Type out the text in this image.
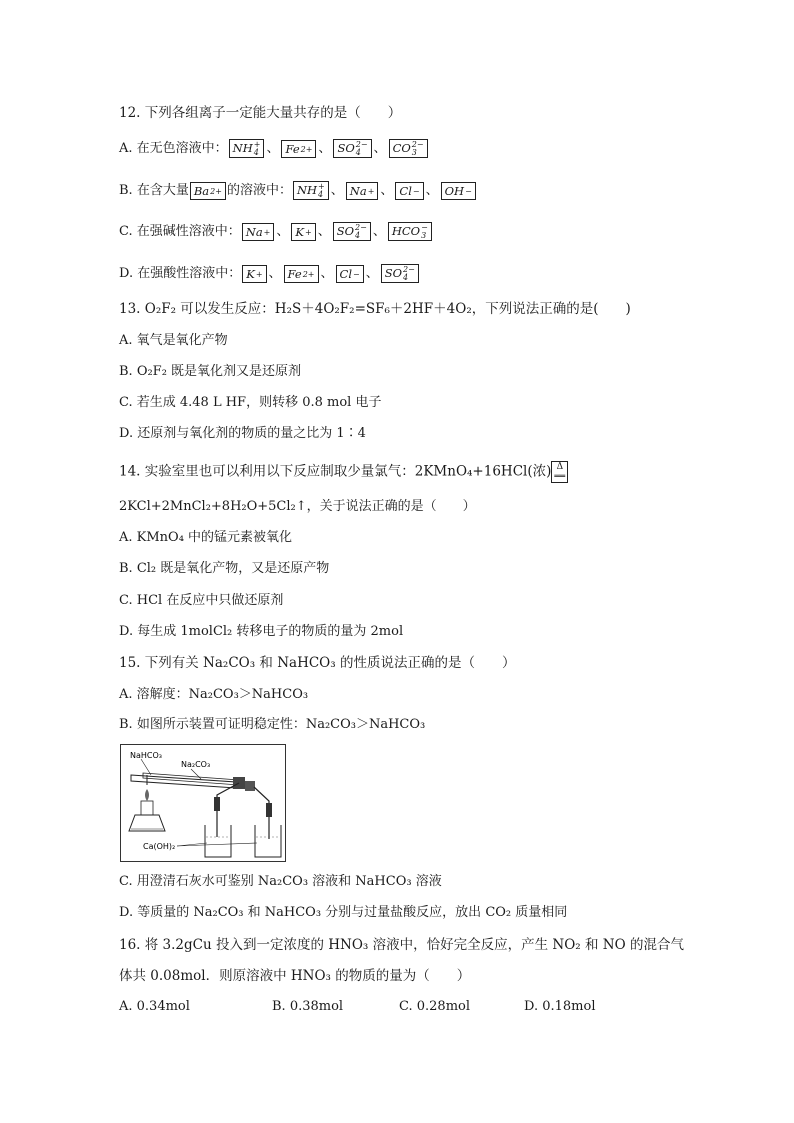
12. 下列各组离子一定能大量共存的是（　　）
A. 在无色溶液中： NH +
4 、 Fe 2+ 、 SO 2−
4 、 CO 2−
3
B. 在含大量 Ba 2+ 的溶液中： NH +
4 、 Na + 、 Cl − 、 OH −
C. 在强碱性溶液中： Na + 、 K + 、 SO 2−
4 、 HCO −
3
D. 在强酸性溶液中： K + 、 Fe 2+ 、 Cl − 、 SO 2−
4
13. O₂F₂ 可以发生反应：H₂S＋4O₂F₂=SF₆＋2HF＋4O₂，下列说法正确的是(　　)
A. 氧气是氧化产物
B. O₂F₂ 既是氧化剂又是还原剂
C. 若生成 4.48 L HF，则转移 0.8 mol 电子
D. 还原剂与氧化剂的物质的量之比为 1∶4
14. 实验室里也可以利用以下反应制取少量氯气：2KMnO₄+16HCl(浓) Δ
══
2KCl+2MnCl₂+8H₂O+5Cl₂↑，关于说法正确的是（　　）
A. KMnO₄ 中的锰元素被氧化
B. Cl₂ 既是氧化产物，又是还原产物
C. HCl 在反应中只做还原剂
D. 每生成 1molCl₂ 转移电子的物质的量为 2mol
15. 下列有关 Na₂CO₃ 和 NaHCO₃ 的性质说法正确的是（　　）
A. 溶解度：Na₂CO₃＞NaHCO₃
B. 如图所示装置可证明稳定性：Na₂CO₃＞NaHCO₃
NaHCO₃
Na₂CO₃
Ca(OH)₂
C. 用澄清石灰水可鉴别 Na₂CO₃ 溶液和 NaHCO₃ 溶液
D. 等质量的 Na₂CO₃ 和 NaHCO₃ 分别与过量盐酸反应，放出 CO₂ 质量相同
16. 将 3.2gCu 投入到一定浓度的 HNO₃ 溶液中，恰好完全反应，产生 NO₂ 和 NO 的混合气
体共 0.08mol．则原溶液中 HNO₃ 的物质的量为（　　）
A. 0.34mol	B. 0.38mol	C. 0.28mol	D. 0.18mol
